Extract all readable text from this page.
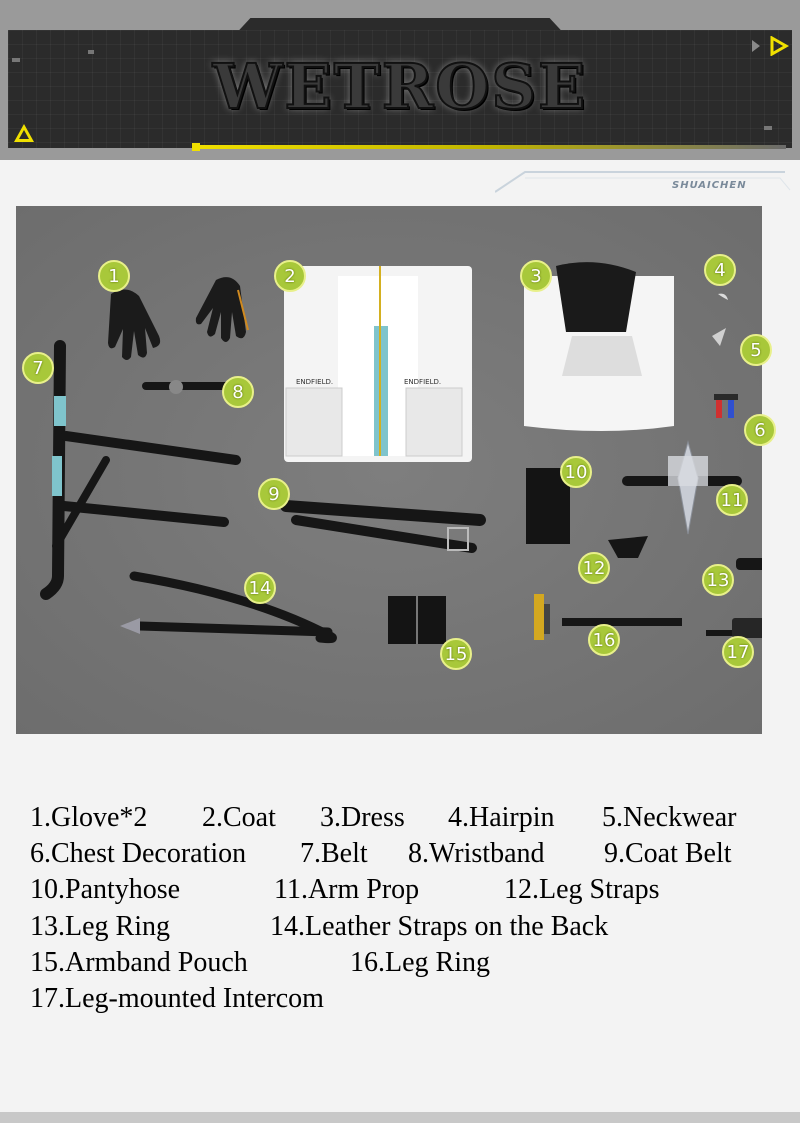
WETROSE
SHUAICHEN
ENDFIELD.	ENDFIELD.
1	2	3	4
5
6
7
8
9
10
11
12
13
14
15
16
17
1.Glove*2	2.Coat	3.Dress	4.Hairpin	5.Neckwear
6.Chest Decoration	7.Belt	8.Wristband	9.Coat Belt
10.Pantyhose	11.Arm Prop	12.Leg Straps
13.Leg Ring	14.Leather Straps on the Back
15.Armband Pouch	16.Leg Ring
17.Leg-mounted Intercom
